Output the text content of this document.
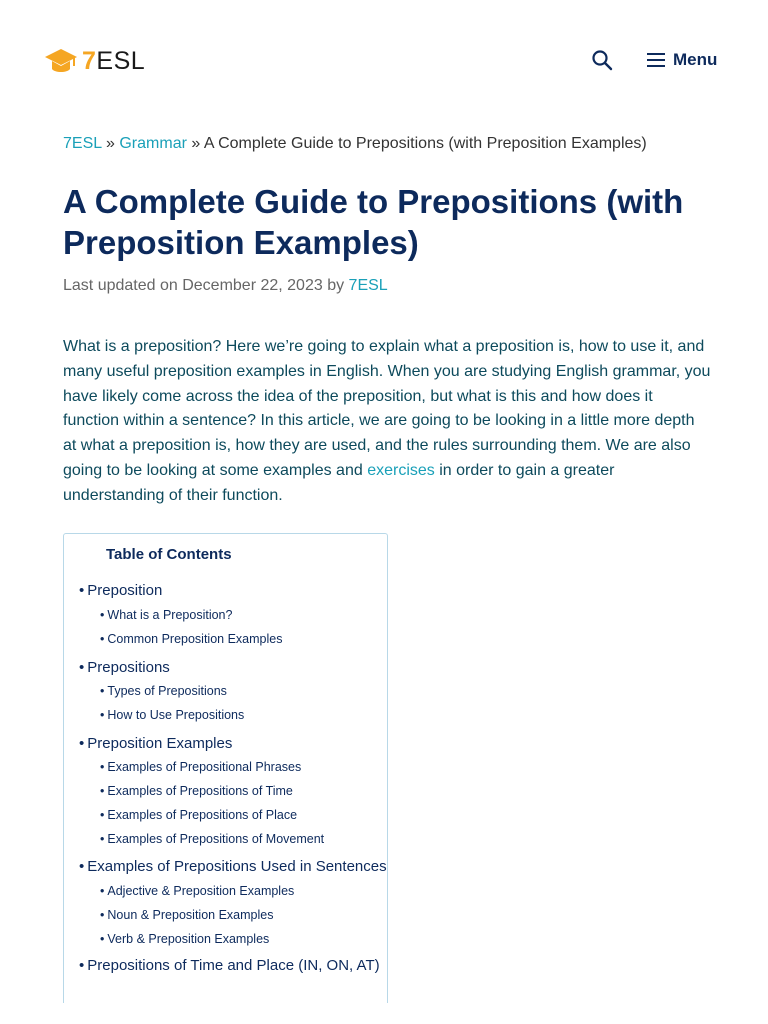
7ESL	Menu
7ESL » Grammar » A Complete Guide to Prepositions (with Preposition Examples)
A Complete Guide to Prepositions (with Preposition Examples)
Last updated on December 22, 2023 by 7ESL

What is a preposition? Here we’re going to explain what a preposition is, how to use it, and many useful preposition examples in English. When you are studying English grammar, you have likely come across the idea of the preposition, but what is this and how does it function within a sentence? In this article, we are going to be looking in a little more depth at what a preposition is, how they are used, and the rules surrounding them. We are also going to be looking at some examples and exercises in order to gain a greater understanding of their function.

Table of Contents
• Preposition
• What is a Preposition?
• Common Preposition Examples
• Prepositions
• Types of Prepositions
• How to Use Prepositions
• Preposition Examples
• Examples of Prepositional Phrases
• Examples of Prepositions of Time
• Examples of Prepositions of Place
• Examples of Prepositions of Movement
• Examples of Prepositions Used in Sentences
• Adjective & Preposition Examples
• Noun & Preposition Examples
• Verb & Preposition Examples
• Prepositions of Time and Place (IN, ON, AT)
